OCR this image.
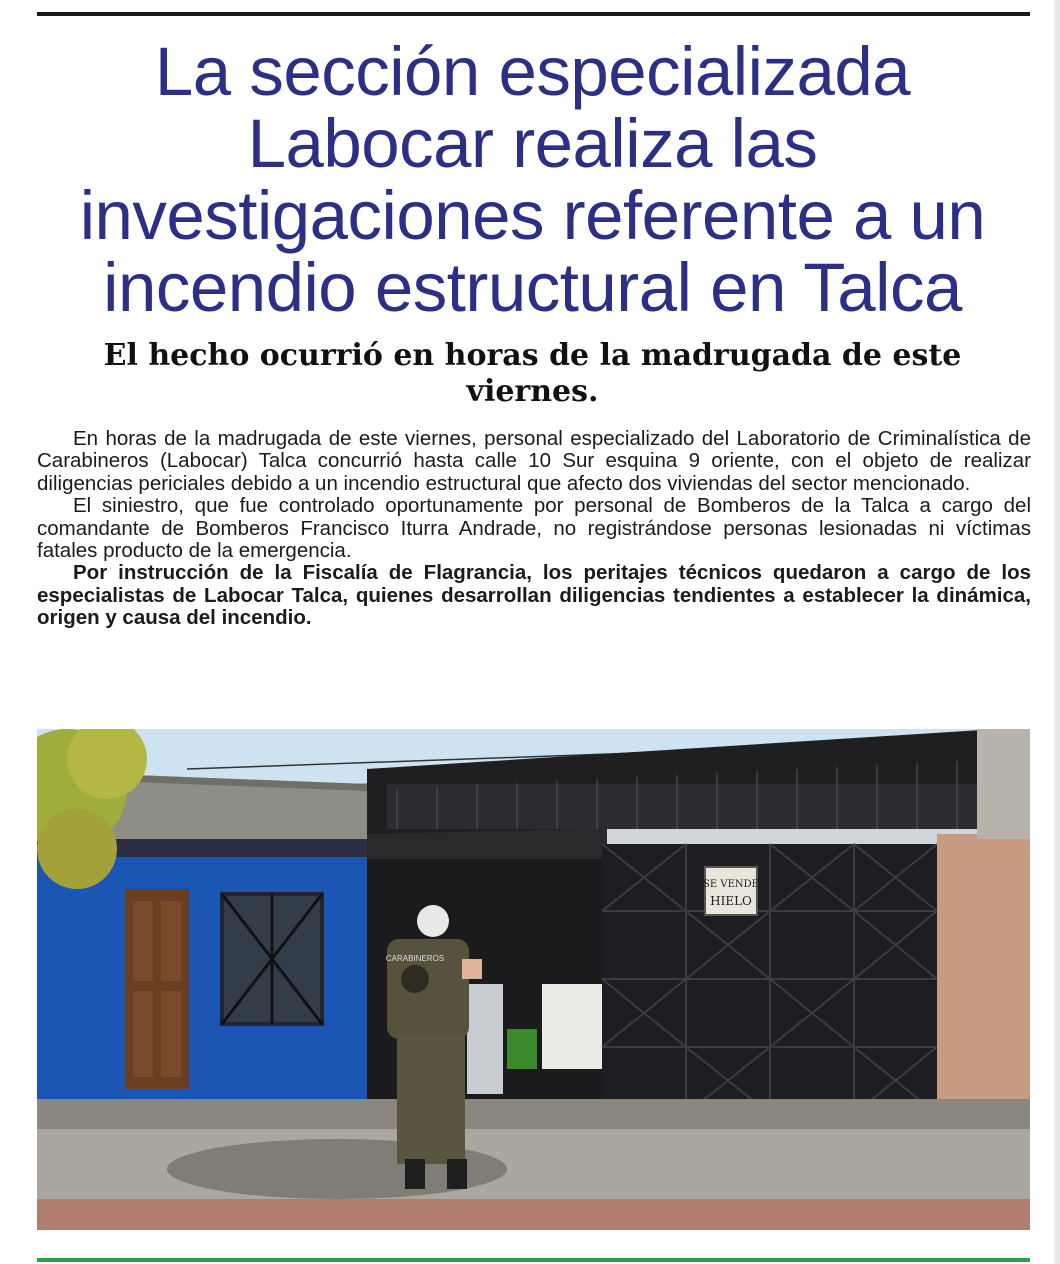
La sección especializada Labocar realiza las investigaciones referente a un incendio estructural en Talca
El hecho ocurrió en horas de la madrugada de este viernes.

En horas de la madrugada de este viernes, personal especializado del Laboratorio de Criminalística de Carabineros (Labocar) Talca concurrió hasta calle 10 Sur esquina 9 oriente, con el objeto de realizar diligencias periciales debido a un incendio estructural que afecto dos viviendas del sector mencionado.

El siniestro, que fue controlado oportunamente por personal de Bomberos de la Talca a cargo del comandante de Bomberos Francisco Iturra Andrade, no registrándose personas lesionadas ni víctimas fatales producto de la emergencia.

Por instrucción de la Fiscalía de Flagrancia, los peritajes técnicos quedaron a cargo de los especialistas de Labocar Talca, quienes desarrollan diligencias tendientes a establecer la dinámica, origen y causa del incendio.

SE VENDE
HIELO
CARABINEROS
